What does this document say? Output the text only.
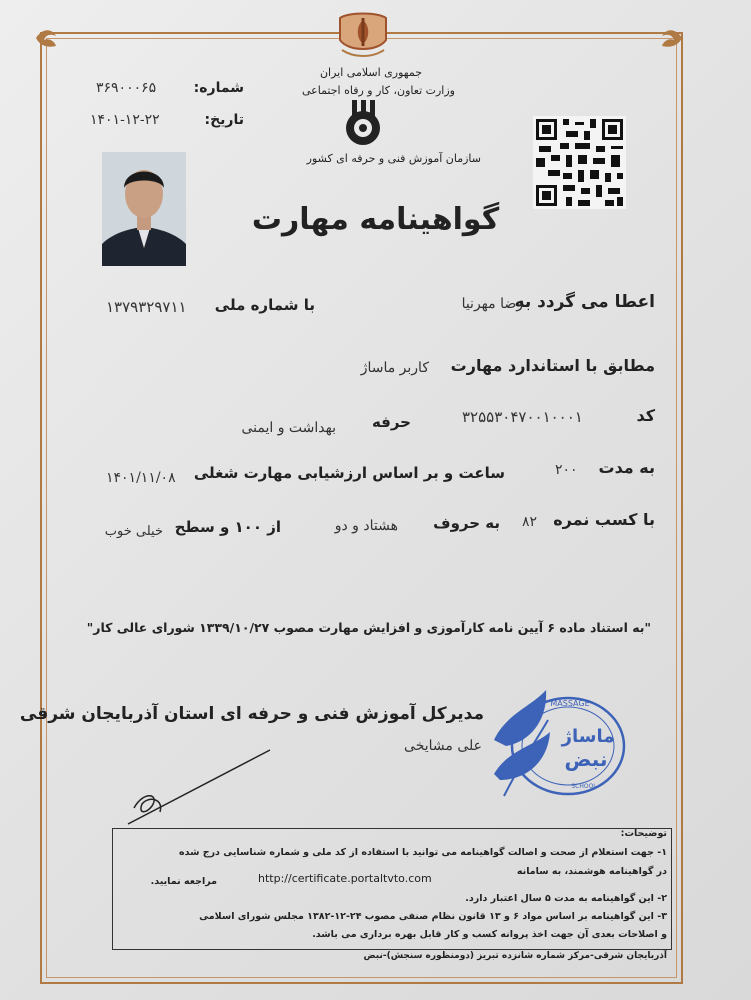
جمهوری اسلامی ایران
وزارت تعاون، کار و رفاه اجتماعی
سازمان آموزش فنی و حرفه ای کشور
شماره:
۳۶۹۰۰۰۶۵
تاریخ:
۱۴۰۱-۱۲-۲۲
گواهینامه مهارت
اعطا می گردد به
رضا مهرنیا
با شماره ملی
۱۳۷۹۳۲۹۷۱۱
مطابق با استاندارد مهارت
کاربر ماساژ
کد
۳۲۵۵۳۰۴۷۰۰۱۰۰۰۱
حرفه
بهداشت و ایمنی
به مدت
۲۰۰
ساعت و بر اساس ارزشیابی مهارت شغلی
۱۴۰۱/۱۱/۰۸
با کسب نمره
۸۲
به حروف
هشتاد و دو
از ۱۰۰ و سطح
خیلی خوب
"به استناد ماده ۶ آیین نامه کارآموزی و افزایش مهارت مصوب ۱۳۳۹/۱۰/۲۷ شورای عالی کار"
MASSAGE
ماساژ
نبض
SCHOOL
مدیرکل آموزش فنی و حرفه ای استان آذربایجان شرقی
علی مشایخی
توضیحات:
۱- جهت استعلام از صحت و اصالت گواهینامه می توانید با استفاده از کد ملی و شماره شناسایی درج شده
در گواهینامه هوشمند، به سامانه
http://certificate.portaltvto.com
مراجعه نمایید.
۲- این گواهینامه به مدت ۵ سال اعتبار دارد.
۳- این گواهینامه بر اساس مواد ۶ و ۱۳ قانون نظام صنفی مصوب ۲۴-۱۲-۱۳۸۲ مجلس شورای اسلامی
و اصلاحات بعدی آن جهت اخذ پروانه کسب و کار قابل بهره برداری می باشد.
آذربایجان شرقی-مرکز شماره شانزده تبریز (دومنظوره سنجش)-نبض
